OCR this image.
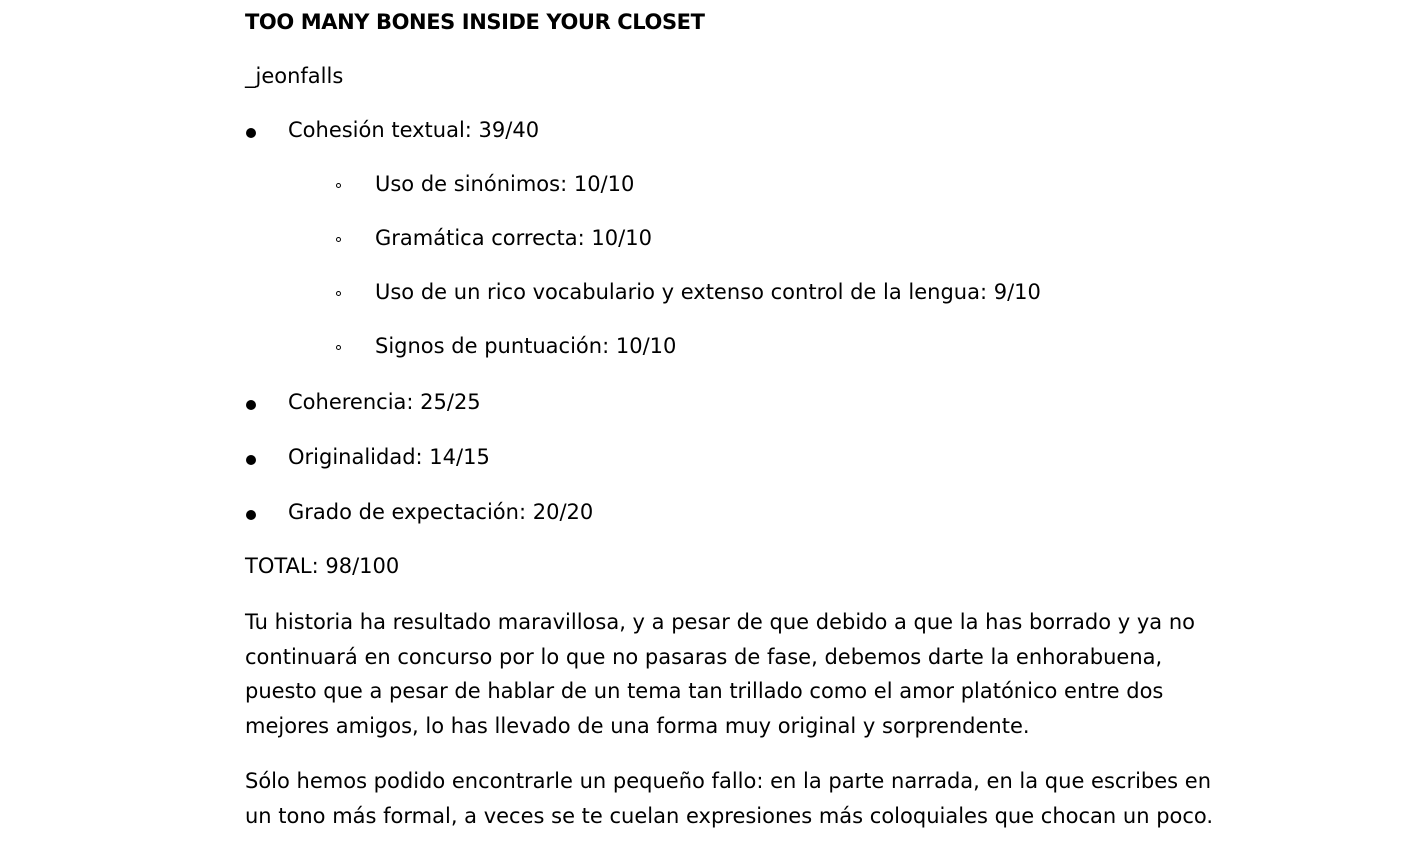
TOO MANY BONES INSIDE YOUR CLOSET

_jeonfalls

Cohesión textual: 39/40

Uso de sinónimos: 10/10

Gramática correcta: 10/10

Uso de un rico vocabulario y extenso control de la lengua: 9/10

Signos de puntuación: 10/10

Coherencia: 25/25

Originalidad: 14/15

Grado de expectación: 20/20

TOTAL: 98/100

Tu historia ha resultado maravillosa, y a pesar de que debido a que la has borrado y ya no continuará en concurso por lo que no pasaras de fase, debemos darte la enhorabuena, puesto que a pesar de hablar de un tema tan trillado como el amor platónico entre dos mejores amigos, lo has llevado de una forma muy original y sorprendente.

Sólo hemos podido encontrarle un pequeño fallo: en la parte narrada, en la que escribes en un tono más formal, a veces se te cuelan expresiones más coloquiales que chocan un poco.
